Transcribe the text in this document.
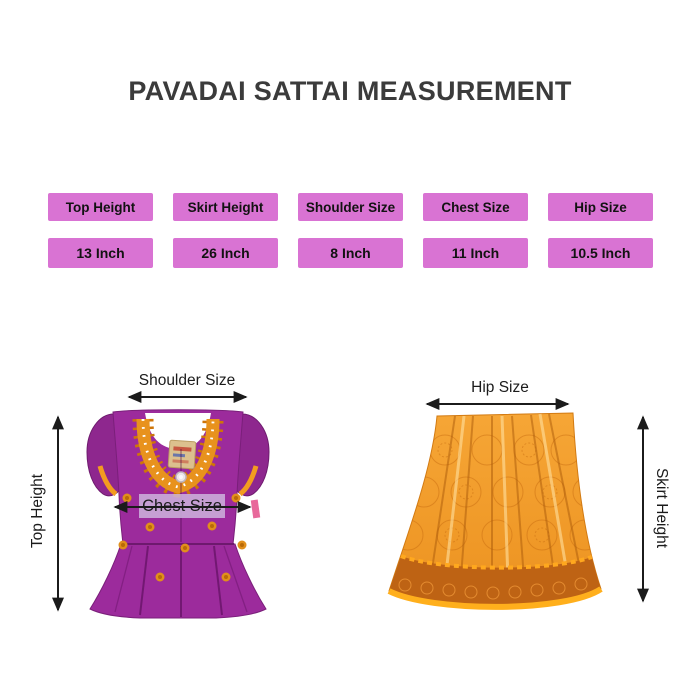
PAVADAI SATTAI MEASUREMENT
Top Height	Skirt Height	Shoulder Size	Chest Size	Hip Size
13 Inch	26 Inch	8 Inch	11 Inch	10.5 Inch
Shoulder Size
Top Height	Chest Size
Hip Size
Skirt Height
